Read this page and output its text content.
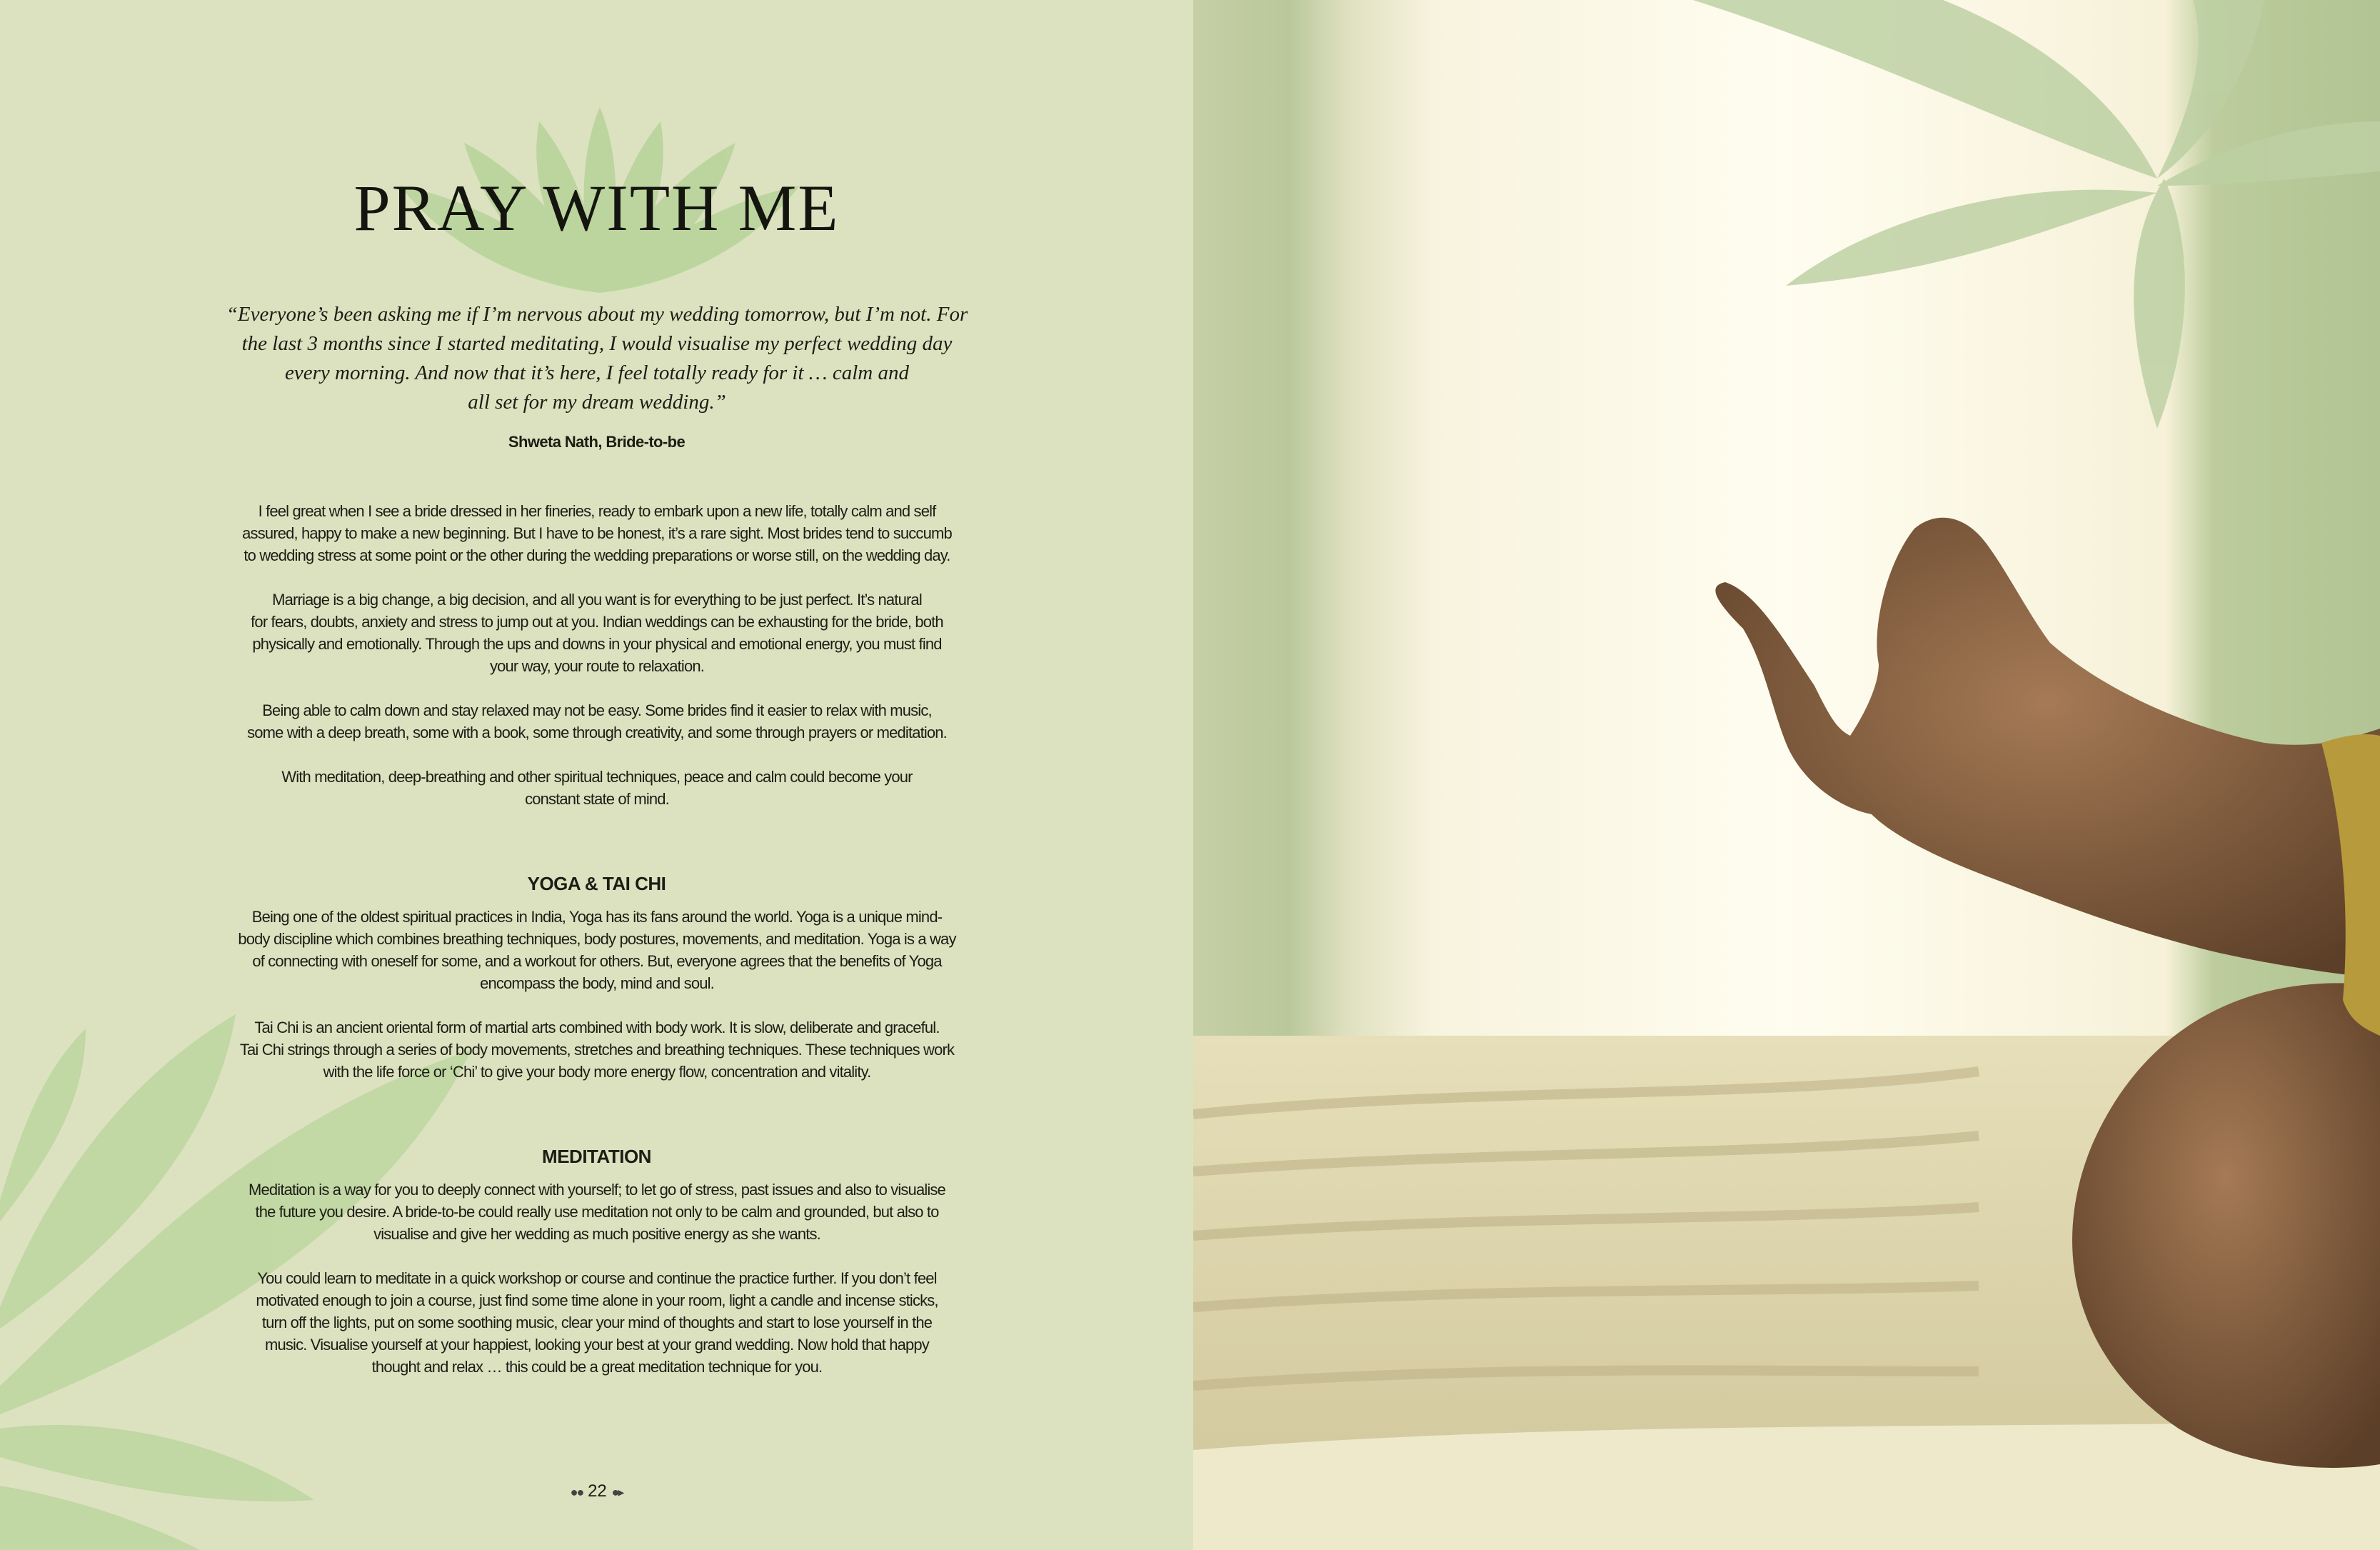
PRAY WITH ME
“Everyone’s been asking me if I’m nervous about my wedding tomorrow, but I’m not. For
the last 3 months since I started meditating, I would visualise my perfect wedding day
every morning. And now that it’s here, I feel totally ready for it … calm and
all set for my dream wedding.”
Shweta Nath, Bride-to-be
I feel great when I see a bride dressed in her fineries, ready to embark upon a new life, totally calm and self
assured, happy to make a new beginning. But I have to be honest, it’s a rare sight. Most brides tend to succumb
to wedding stress at some point or the other during the wedding preparations or worse still, on the wedding day.
Marriage is a big change, a big decision, and all you want is for everything to be just perfect. It’s natural
for fears, doubts, anxiety and stress to jump out at you. Indian weddings can be exhausting for the bride, both
physically and emotionally. Through the ups and downs in your physical and emotional energy, you must find
your way, your route to relaxation.
Being able to calm down and stay relaxed may not be easy. Some brides find it easier to relax with music,
some with a deep breath, some with a book, some through creativity, and some through prayers or meditation.
With meditation, deep-breathing and other spiritual techniques, peace and calm could become your
constant state of mind.
YOGA & TAI CHI
Being one of the oldest spiritual practices in India, Yoga has its fans around the world. Yoga is a unique mind-
body discipline which combines breathing techniques, body postures, movements, and meditation. Yoga is a way
of connecting with oneself for some, and a workout for others. But, everyone agrees that the benefits of Yoga
encompass the body, mind and soul.
Tai Chi is an ancient oriental form of martial arts combined with body work. It is slow, deliberate and graceful.
Tai Chi strings through a series of body movements, stretches and breathing techniques. These techniques work
with the life force or ‘Chi’ to give your body more energy flow, concentration and vitality.
MEDITATION
Meditation is a way for you to deeply connect with yourself; to let go of stress, past issues and also to visualise
the future you desire. A bride-to-be could really use meditation not only to be calm and grounded, but also to
visualise and give her wedding as much positive energy as she wants.
You could learn to meditate in a quick workshop or course and continue the practice further. If you don’t feel
motivated enough to join a course, just find some time alone in your room, light a candle and incense sticks,
turn off the lights, put on some soothing music, clear your mind of thoughts and start to lose yourself in the
music. Visualise yourself at your happiest, looking your best at your grand wedding. Now hold that happy
thought and relax … this could be a great meditation technique for you.
●● 22 ●▸
